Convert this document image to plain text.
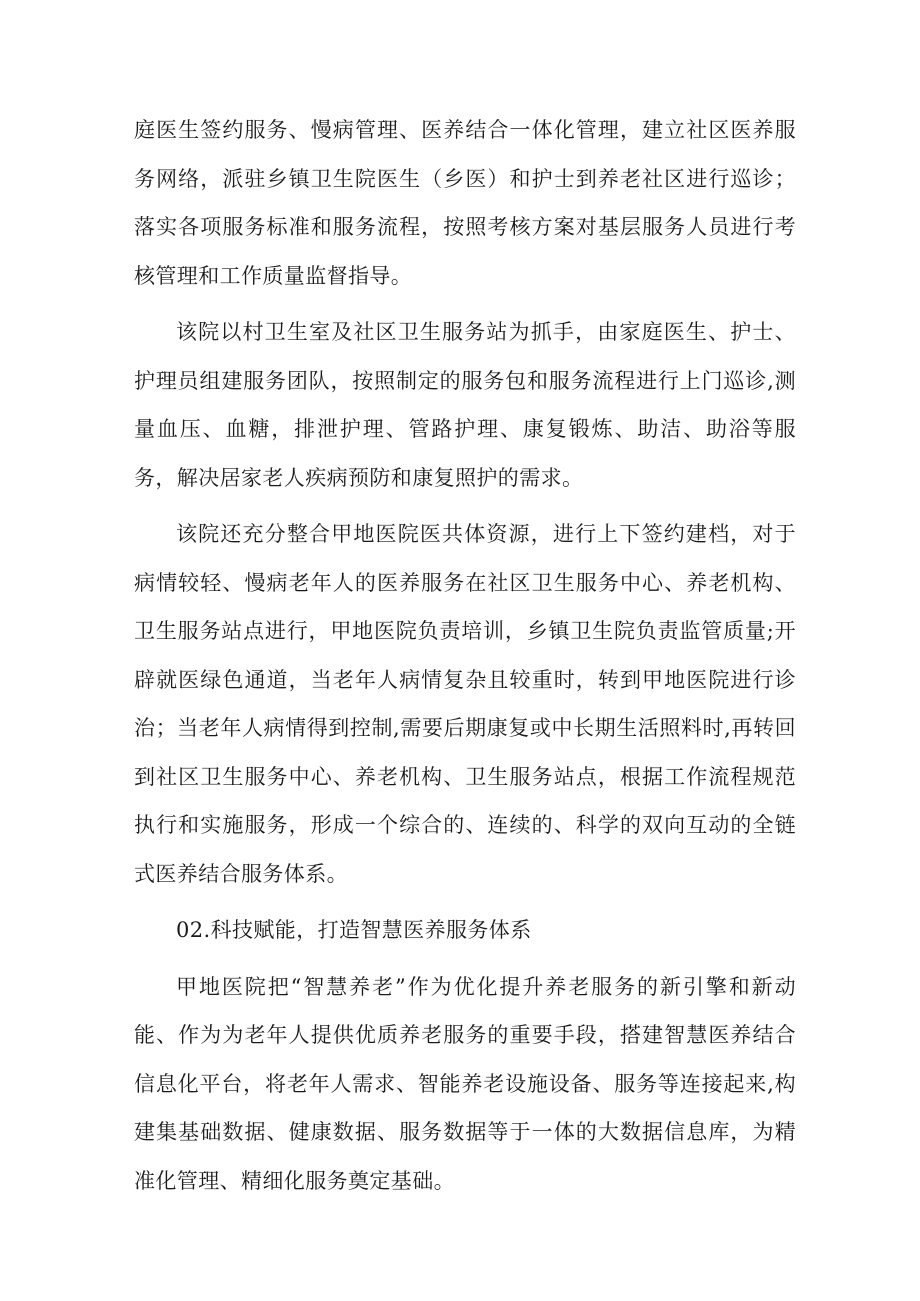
庭医生签约服务、慢病管理、医养结合一体化管理，建立社区医养服务网络，派驻乡镇卫生院医生（乡医）和护士到养老社区进行巡诊；落实各项服务标准和服务流程，按照考核方案对基层服务人员进行考核管理和工作质量监督指导。

该院以村卫生室及社区卫生服务站为抓手，由家庭医生、护士、护理员组建服务团队，按照制定的服务包和服务流程进行上门巡诊,测量血压、血糖，排泄护理、管路护理、康复锻炼、助洁、助浴等服务，解决居家老人疾病预防和康复照护的需求。

该院还充分整合甲地医院医共体资源，进行上下签约建档，对于病情较轻、慢病老年人的医养服务在社区卫生服务中心、养老机构、卫生服务站点进行，甲地医院负责培训，乡镇卫生院负责监管质量;开辟就医绿色通道，当老年人病情复杂且较重时，转到甲地医院进行诊治；当老年人病情得到控制,需要后期康复或中长期生活照料时,再转回到社区卫生服务中心、养老机构、卫生服务站点，根据工作流程规范执行和实施服务，形成一个综合的、连续的、科学的双向互动的全链式医养结合服务体系。

02.科技赋能，打造智慧医养服务体系

甲地医院把“智慧养老”作为优化提升养老服务的新引擎和新动能、作为为老年人提供优质养老服务的重要手段，搭建智慧医养结合信息化平台，将老年人需求、智能养老设施设备、服务等连接起来,构建集基础数据、健康数据、服务数据等于一体的大数据信息库，为精准化管理、精细化服务奠定基础。
